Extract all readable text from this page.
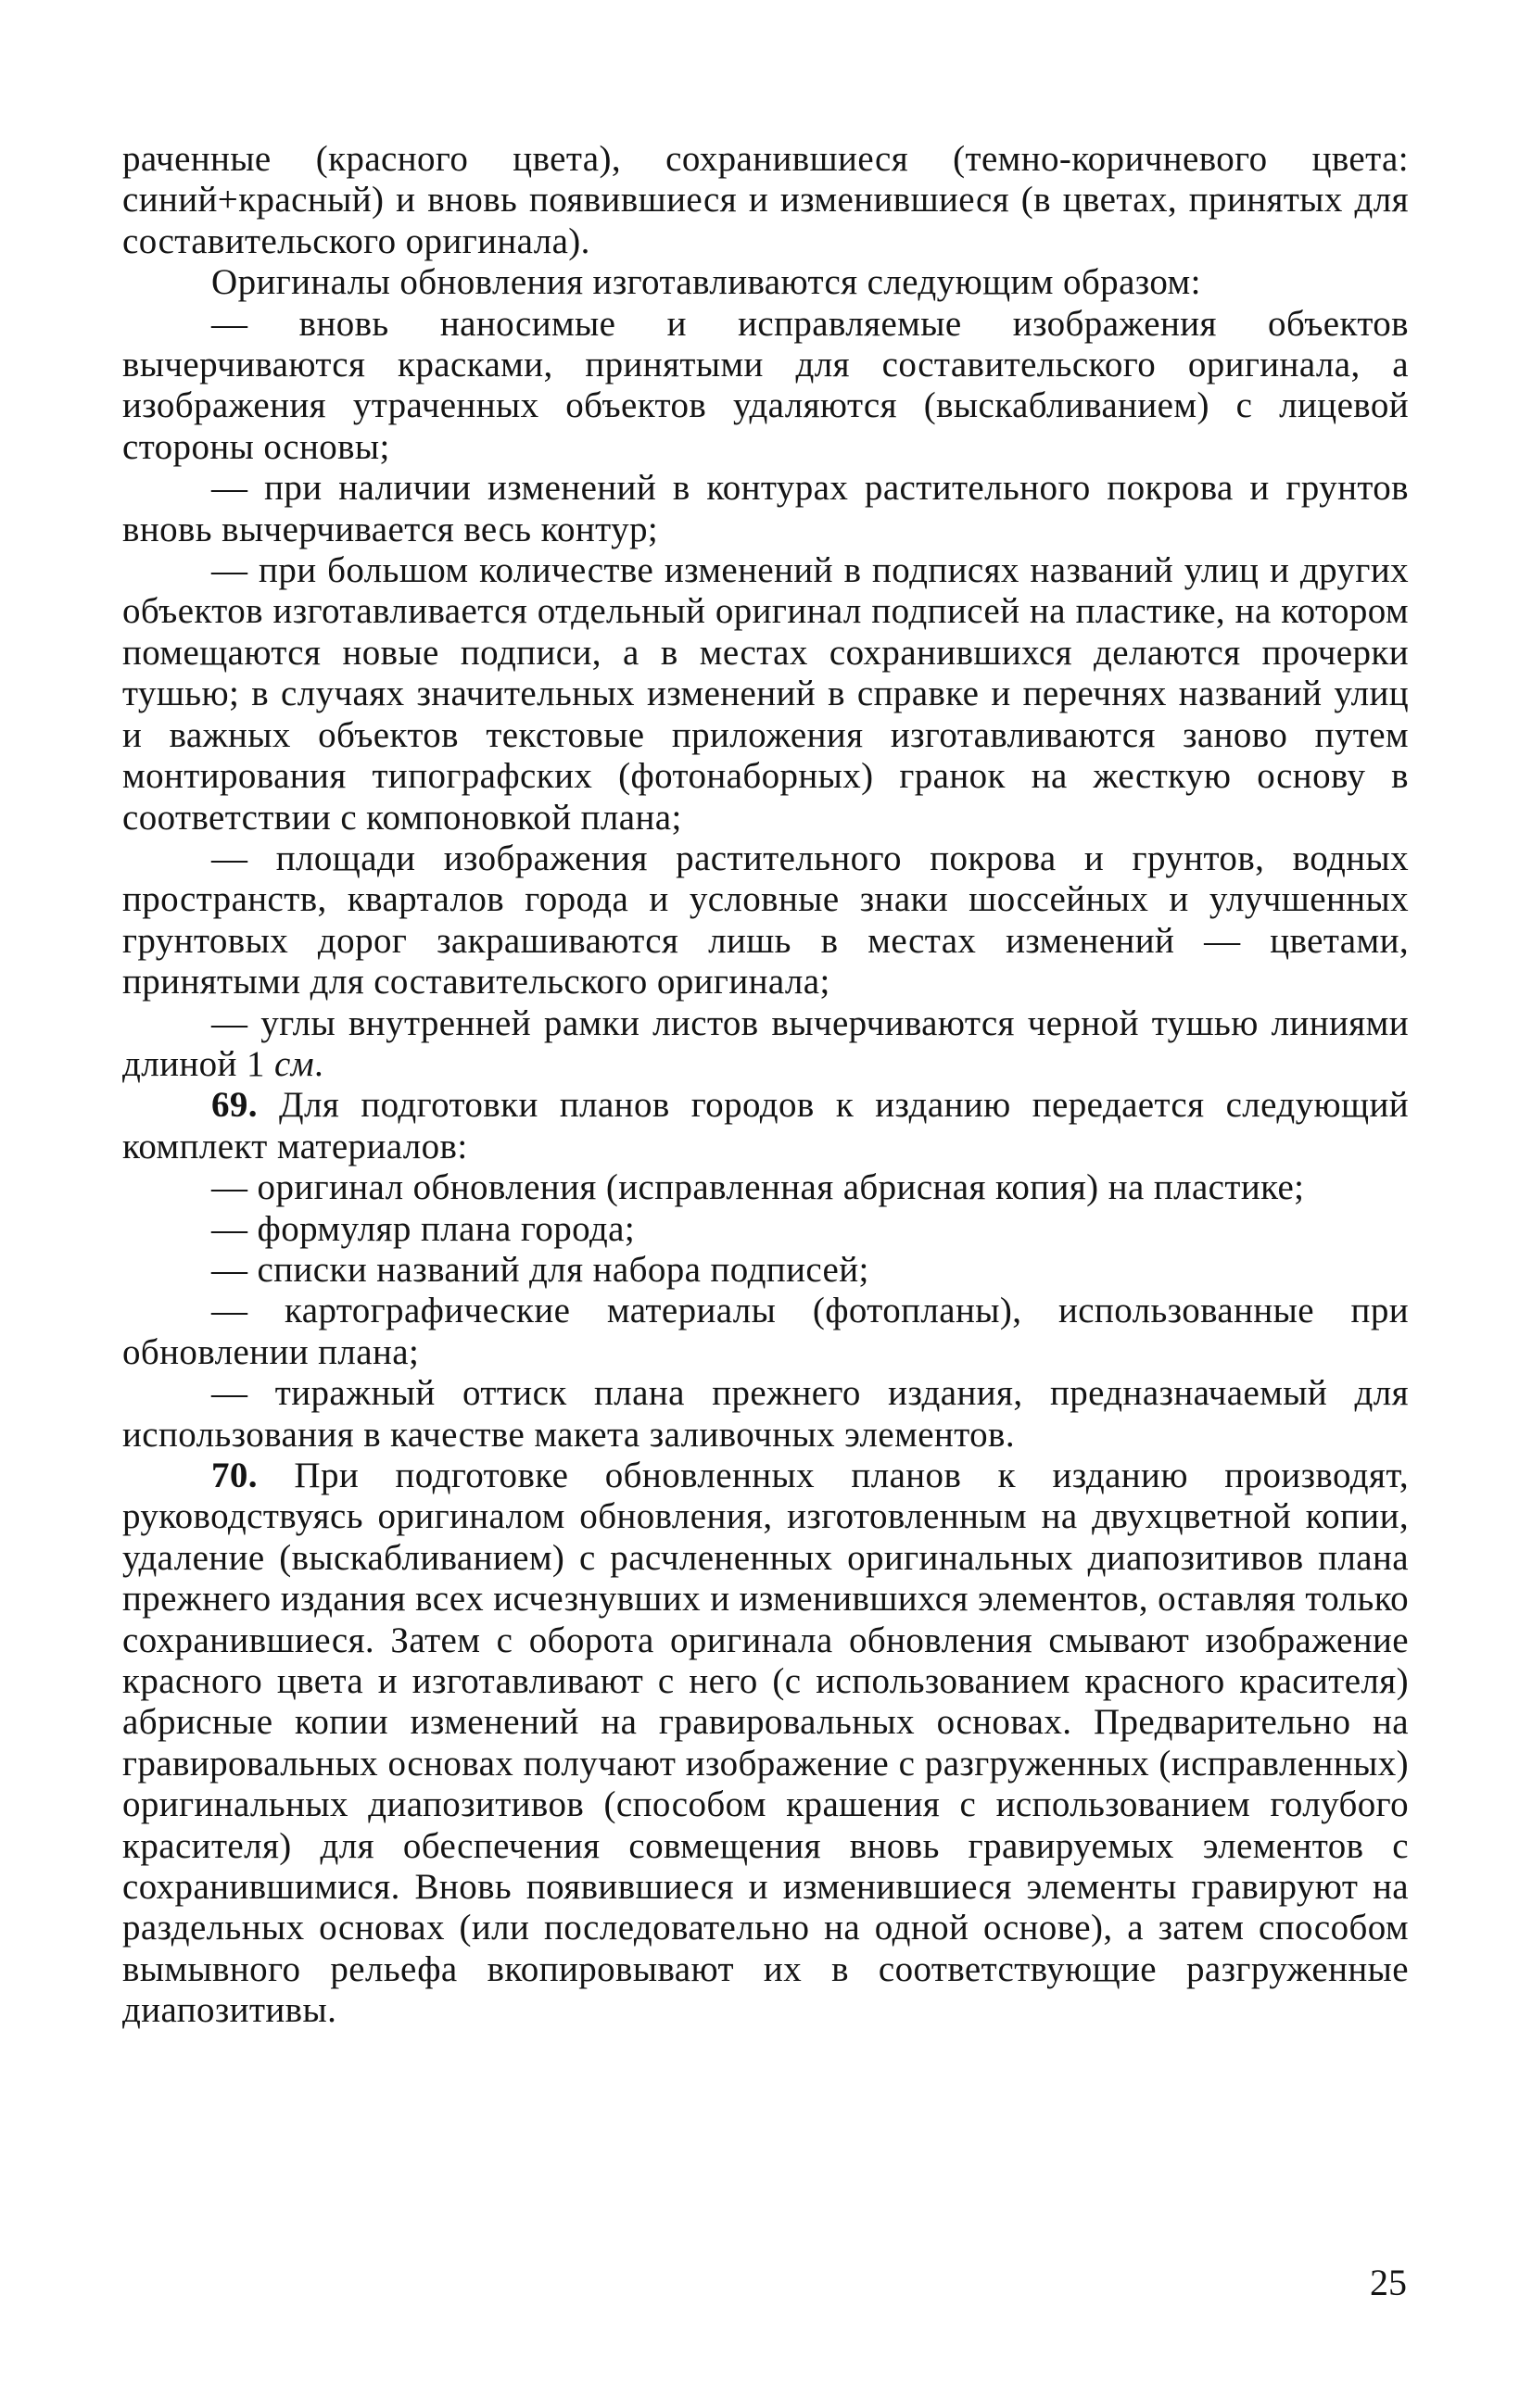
раченные (красного цвета), сохранившиеся (темно-коричневого цвета: синий+красный) и вновь появившиеся и изменившиеся (в цветах, принятых для составительского оригинала).

Оригиналы обновления изготавливаются следующим образом:

— вновь наносимые и исправляемые изображения объектов вычерчиваются красками, принятыми для составительского оригинала, а изображения утраченных объектов удаляются (выскабливанием) с лицевой стороны основы;

— при наличии изменений в контурах растительного покрова и грунтов вновь вычерчивается весь контур;

— при большом количестве изменений в подписях названий улиц и других объектов изготавливается отдельный оригинал подписей на пластике, на котором помещаются новые подписи, а в местах сохранившихся делаются прочерки тушью; в случаях значительных изменений в справке и перечнях названий улиц и важных объектов текстовые приложения изготавливаются заново путем монтирования типографских (фотонаборных) гранок на жесткую основу в соответствии с компоновкой плана;

— площади изображения растительного покрова и грунтов, водных пространств, кварталов города и условные знаки шоссейных и улучшенных грунтовых дорог закрашиваются лишь в местах изменений — цветами, принятыми для составительского оригинала;

— углы внутренней рамки листов вычерчиваются черной тушью линиями длиной 1 см.

69. Для подготовки планов городов к изданию передается следующий комплект материалов:

— оригинал обновления (исправленная абрисная копия) на пластике;

— формуляр плана города;

— списки названий для набора подписей;

— картографические материалы (фотопланы), использованные при обновлении плана;

— тиражный оттиск плана прежнего издания, предназначаемый для использования в качестве макета заливочных элементов.

70. При подготовке обновленных планов к изданию производят, руководствуясь оригиналом обновления, изготовленным на двухцветной копии, удаление (выскабливанием) с расчлененных оригинальных диапозитивов плана прежнего издания всех исчезнувших и изменившихся элементов, оставляя только сохранившиеся. Затем с оборота оригинала обновления смывают изображение красного цвета и изготавливают с него (с использованием красного красителя) абрисные копии изменений на гравировальных основах. Предварительно на гравировальных основах получают изображение с разгруженных (исправленных) оригинальных диапозитивов (способом крашения с использованием голубого красителя) для обеспечения совмещения вновь гравируемых элементов с сохранившимися. Вновь появившиеся и изменившиеся элементы гравируют на раздельных основах (или последовательно на одной основе), а затем способом вымывного рельефа вкопировывают их в соответствующие разгруженные диапозитивы.

25
